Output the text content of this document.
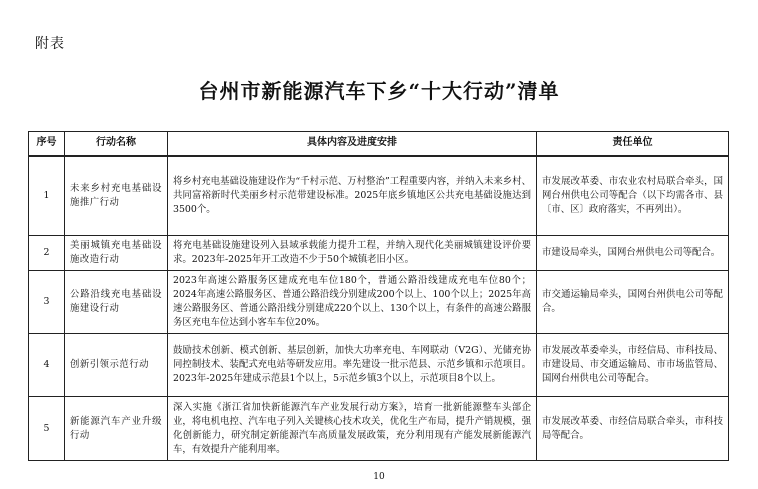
附表
台州市新能源汽车下乡“十大行动”清单
序号	行动名称	具体内容及进度安排	责任单位
1	未来乡村充电基础设施推广行动	将乡村充电基础设施建设作为“千村示范、万村整治”工程重要内容，并纳入未来乡村、共同富裕新时代美丽乡村示范带建设标准。2025年底乡镇地区公共充电基础设施达到3500个。	市发展改革委、市农业农村局联合牵头，国网台州供电公司等配合（以下均需各市、县〔市、区〕政府落实，不再列出）。
2	美丽城镇充电基础设施改造行动	将充电基础设施建设列入县域承载能力提升工程，并纳入现代化美丽城镇建设评价要求。2023年-2025年开工改造不少于50个城镇老旧小区。	市建设局牵头，国网台州供电公司等配合。
3	公路沿线充电基础设施建设行动	2023年高速公路服务区建成充电车位180个，普通公路沿线建成充电车位80个；2024年高速公路服务区、普通公路沿线分别建成200个以上、100个以上；2025年高速公路服务区、普通公路沿线分别建成220个以上、130个以上，有条件的高速公路服务区充电车位达到小客车车位20%。	市交通运输局牵头，国网台州供电公司等配合。
4	创新引领示范行动	鼓励技术创新、模式创新、基层创新，加快大功率充电、车网联动（V2G）、光储充协同控制技术、装配式充电站等研发应用。率先建设一批示范县、示范乡镇和示范项目。2023年-2025年建成示范县1个以上，5示范乡镇3个以上，示范项目8个以上。	市发展改革委牵头，市经信局、市科技局、市建设局、市交通运输局、市市场监管局、国网台州供电公司等配合。
5	新能源汽车产业升级行动	深入实施《浙江省加快新能源汽车产业发展行动方案》，培育一批新能源整车头部企业，将电机电控、汽车电子列入关键核心技术攻关，优化生产布局，提升产销规模，强化创新能力，研究制定新能源汽车高质量发展政策，充分利用现有产能发展新能源汽车，有效提升产能利用率。	市发展改革委、市经信局联合牵头，市科技局等配合。
10
